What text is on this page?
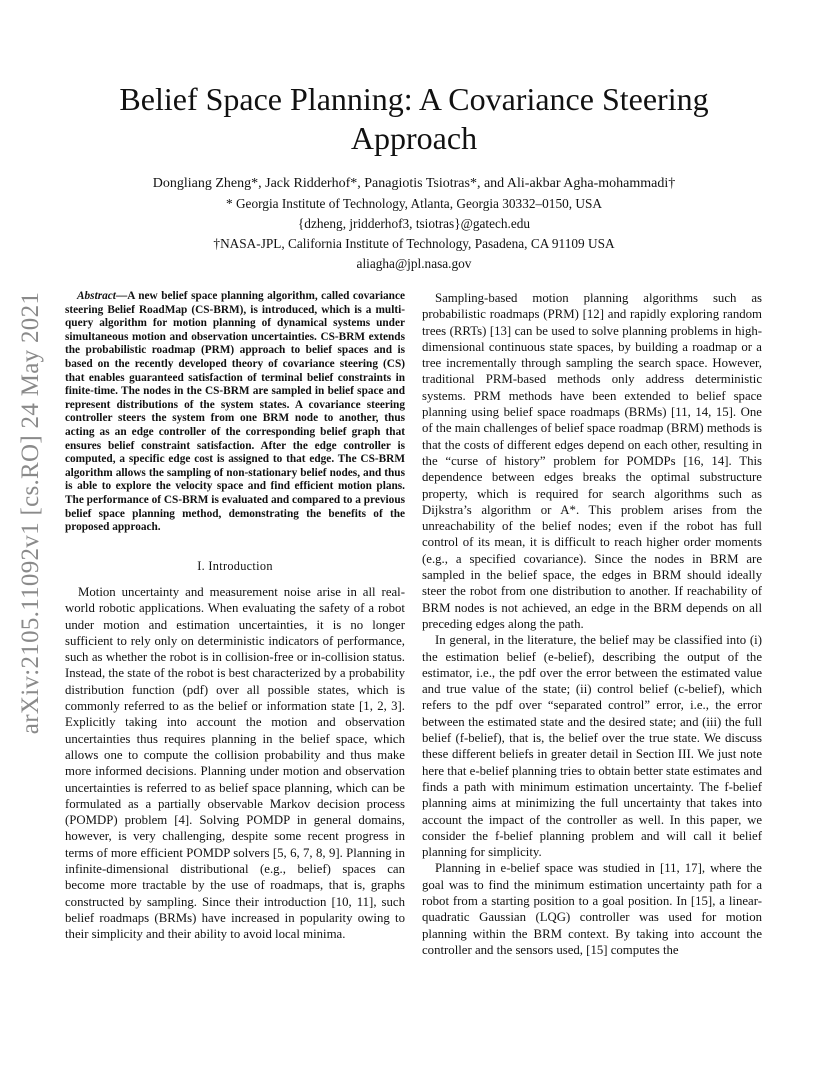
arXiv:2105.11092v1 [cs.RO] 24 May 2021
Belief Space Planning: A Covariance Steering Approach
Dongliang Zheng*, Jack Ridderhof*, Panagiotis Tsiotras*, and Ali-akbar Agha-mohammadi†
* Georgia Institute of Technology, Atlanta, Georgia 30332–0150, USA
{dzheng, jridderhof3, tsiotras}@gatech.edu
†NASA-JPL, California Institute of Technology, Pasadena, CA 91109 USA
aliagha@jpl.nasa.gov

Abstract—A new belief space planning algorithm, called covariance steering Belief RoadMap (CS-BRM), is introduced, which is a multi-query algorithm for motion planning of dynamical systems under simultaneous motion and observation uncertainties. CS-BRM extends the probabilistic roadmap (PRM) approach to belief spaces and is based on the recently developed theory of covariance steering (CS) that enables guaranteed satisfaction of terminal belief constraints in finite-time. The nodes in the CS-BRM are sampled in belief space and represent distributions of the system states. A covariance steering controller steers the system from one BRM node to another, thus acting as an edge controller of the corresponding belief graph that ensures belief constraint satisfaction. After the edge controller is computed, a specific edge cost is assigned to that edge. The CS-BRM algorithm allows the sampling of non-stationary belief nodes, and thus is able to explore the velocity space and find efficient motion plans. The performance of CS-BRM is evaluated and compared to a previous belief space planning method, demonstrating the benefits of the proposed approach.

I. Introduction

Motion uncertainty and measurement noise arise in all real-world robotic applications. When evaluating the safety of a robot under motion and estimation uncertainties, it is no longer sufficient to rely only on deterministic indicators of performance, such as whether the robot is in collision-free or in-collision status. Instead, the state of the robot is best characterized by a probability distribution function (pdf) over all possible states, which is commonly referred to as the belief or information state [1, 2, 3]. Explicitly taking into account the motion and observation uncertainties thus requires planning in the belief space, which allows one to compute the collision probability and thus make more informed decisions. Planning under motion and observation uncertainties is referred to as belief space planning, which can be formulated as a partially observable Markov decision process (POMDP) problem [4]. Solving POMDP in general domains, however, is very challenging, despite some recent progress in terms of more efficient POMDP solvers [5, 6, 7, 8, 9]. Planning in infinite-dimensional distributional (e.g., belief) spaces can become more tractable by the use of roadmaps, that is, graphs constructed by sampling. Since their introduction [10, 11], such belief roadmaps (BRMs) have increased in popularity owing to their simplicity and their ability to avoid local minima.

Sampling-based motion planning algorithms such as probabilistic roadmaps (PRM) [12] and rapidly exploring random trees (RRTs) [13] can be used to solve planning problems in high-dimensional continuous state spaces, by building a roadmap or a tree incrementally through sampling the search space. However, traditional PRM-based methods only address deterministic systems. PRM methods have been extended to belief space planning using belief space roadmaps (BRMs) [11, 14, 15]. One of the main challenges of belief space roadmap (BRM) methods is that the costs of different edges depend on each other, resulting in the “curse of history” problem for POMDPs [16, 14]. This dependence between edges breaks the optimal substructure property, which is required for search algorithms such as Dijkstra’s algorithm or A*. This problem arises from the unreachability of the belief nodes; even if the robot has full control of its mean, it is difficult to reach higher order moments (e.g., a specified covariance). Since the nodes in BRM are sampled in the belief space, the edges in BRM should ideally steer the robot from one distribution to another. If reachability of BRM nodes is not achieved, an edge in the BRM depends on all preceding edges along the path.

In general, in the literature, the belief may be classified into (i) the estimation belief (e-belief), describing the output of the estimator, i.e., the pdf over the error between the estimated value and true value of the state; (ii) control belief (c-belief), which refers to the pdf over “separated control” error, i.e., the error between the estimated state and the desired state; and (iii) the full belief (f-belief), that is, the belief over the true state. We discuss these different beliefs in greater detail in Section III. We just note here that e-belief planning tries to obtain better state estimates and finds a path with minimum estimation uncertainty. The f-belief planning aims at minimizing the full uncertainty that takes into account the impact of the controller as well. In this paper, we consider the f-belief planning problem and will call it belief planning for simplicity.

Planning in e-belief space was studied in [11, 17], where the goal was to find the minimum estimation uncertainty path for a robot from a starting position to a goal position. In [15], a linear-quadratic Gaussian (LQG) controller was used for motion planning within the BRM context. By taking into account the controller and the sensors used, [15] computes the
